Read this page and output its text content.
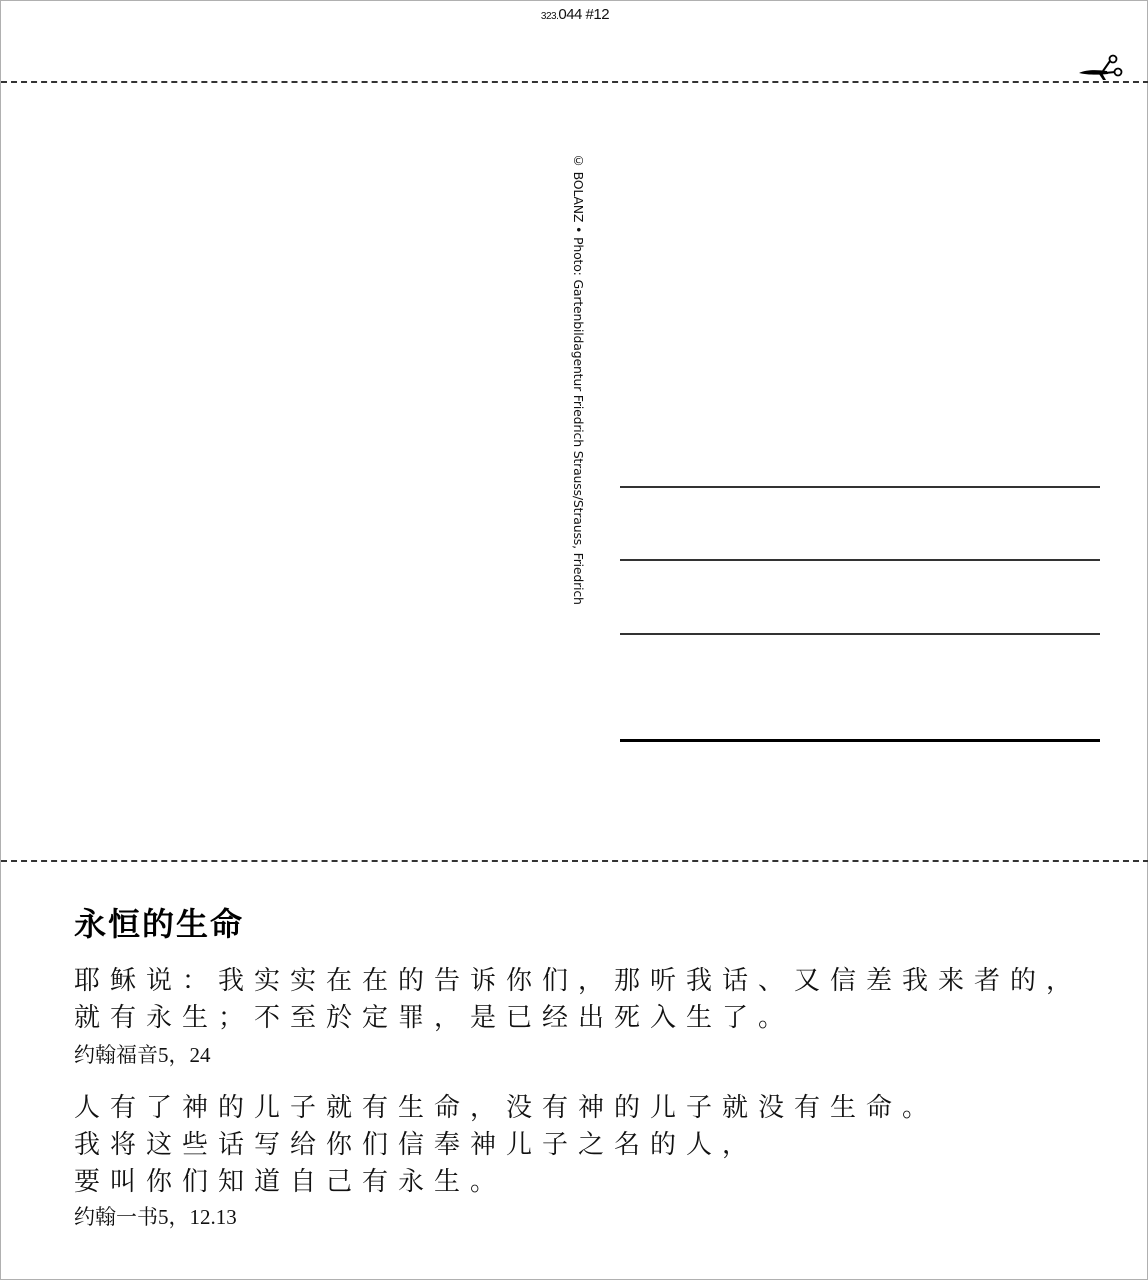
323.044 #12
© BOLANZ • Photo: Gartenbildagentur Friedrich Strauss/Strauss, Friedrich
永恒的生命
耶稣说：我实实在在的告诉你们，那听我话、又信差我来者的，
就有永生；不至於定罪，是已经出死入生了。
约翰福音5，24
人有了神的儿子就有生命，没有神的儿子就没有生命。
我将这些话写给你们信奉神儿子之名的人，
要叫你们知道自己有永生。
约翰一书5，12.13
